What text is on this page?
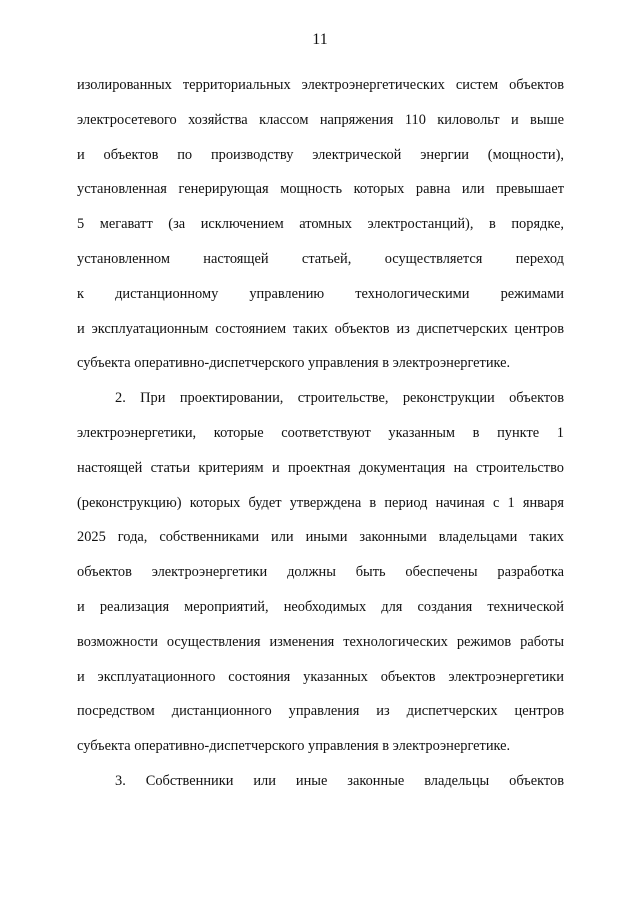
11
изолированных территориальных электроэнергетических систем объектов
электросетевого хозяйства классом напряжения 110 киловольт и выше
и объектов по производству электрической энергии (мощности),
установленная генерирующая мощность которых равна или превышает
5 мегаватт (за исключением атомных электростанций), в порядке,
установленном настоящей статьей, осуществляется переход
к дистанционному управлению технологическими режимами
и эксплуатационным состоянием таких объектов из диспетчерских центров
субъекта оперативно-диспетчерского управления в электроэнергетике.
2. При проектировании, строительстве, реконструкции объектов
электроэнергетики, которые соответствуют указанным в пункте 1
настоящей статьи критериям и проектная документация на строительство
(реконструкцию) которых будет утверждена в период начиная с 1 января
2025 года, собственниками или иными законными владельцами таких
объектов электроэнергетики должны быть обеспечены разработка
и реализация мероприятий, необходимых для создания технической
возможности осуществления изменения технологических режимов работы
и эксплуатационного состояния указанных объектов электроэнергетики
посредством дистанционного управления из диспетчерских центров
субъекта оперативно-диспетчерского управления в электроэнергетике.
3. Собственники или иные законные владельцы объектов
